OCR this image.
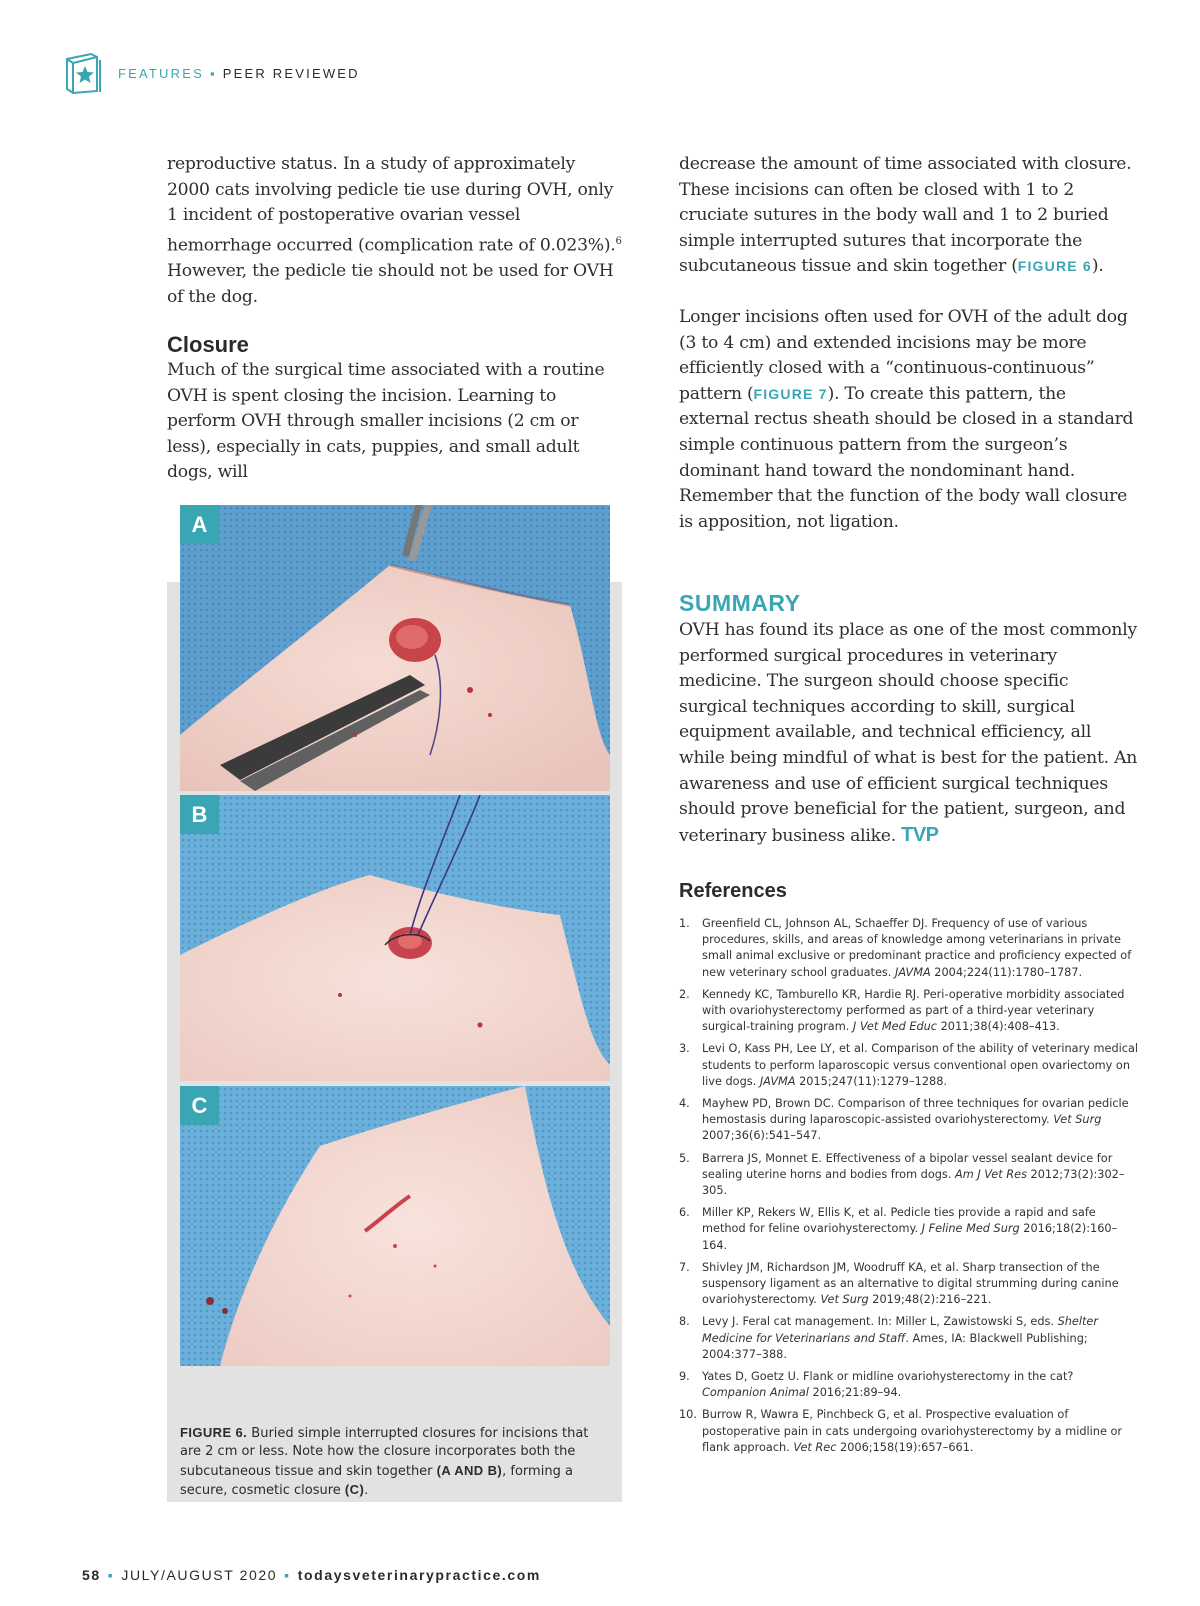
FEATURES ▪ PEER REVIEWED

reproductive status. In a study of approximately 2000 cats involving pedicle tie use during OVH, only 1 incident of postoperative ovarian vessel hemorrhage occurred (complication rate of 0.023%).$^6$ However, the pedicle tie should not be used for OVH of the dog.

Closure

Much of the surgical time associated with a routine OVH is spent closing the incision. Learning to perform OVH through smaller incisions (2 cm or less), especially in cats, puppies, and small adult dogs, will

decrease the amount of time associated with closure. These incisions can often be closed with 1 to 2 cruciate sutures in the body wall and 1 to 2 buried simple interrupted sutures that incorporate the subcutaneous tissue and skin together (FIGURE 6).

Longer incisions often used for OVH of the adult dog (3 to 4 cm) and extended incisions may be more efficiently closed with a “continuous-continuous” pattern (FIGURE 7). To create this pattern, the external rectus sheath should be closed in a standard simple continuous pattern from the surgeon’s dominant hand toward the nondominant hand. Remember that the function of the body wall closure is apposition, not ligation.

SUMMARY

OVH has found its place as one of the most commonly performed surgical procedures in veterinary medicine. The surgeon should choose specific surgical techniques according to skill, surgical equipment available, and technical efficiency, all while being mindful of what is best for the patient. An awareness and use of efficient surgical techniques should prove beneficial for the patient, surgeon, and veterinary business alike. TVP

References
1.	Greenfield CL, Johnson AL, Schaeffer DJ. Frequency of use of various procedures, skills, and areas of knowledge among veterinarians in private small animal exclusive or predominant practice and proficiency expected of new veterinary school graduates. JAVMA 2004;224(11):1780–1787.
2.	Kennedy KC, Tamburello KR, Hardie RJ. Peri-operative morbidity associated with ovariohysterectomy performed as part of a third-year veterinary surgical-training program. J Vet Med Educ 2011;38(4):408–413.
3.	Levi O, Kass PH, Lee LY, et al. Comparison of the ability of veterinary medical students to perform laparoscopic versus conventional open ovariectomy on live dogs. JAVMA 2015;247(11):1279–1288.
4.	Mayhew PD, Brown DC. Comparison of three techniques for ovarian pedicle hemostasis during laparoscopic-assisted ovariohysterectomy. Vet Surg 2007;36(6):541–547.
5.	Barrera JS, Monnet E. Effectiveness of a bipolar vessel sealant device for sealing uterine horns and bodies from dogs. Am J Vet Res 2012;73(2):302–305.
6.	Miller KP, Rekers W, Ellis K, et al. Pedicle ties provide a rapid and safe method for feline ovariohysterectomy. J Feline Med Surg 2016;18(2):160–164.
7.	Shivley JM, Richardson JM, Woodruff KA, et al. Sharp transection of the suspensory ligament as an alternative to digital strumming during canine ovariohysterectomy. Vet Surg 2019;48(2):216–221.
8.	Levy J. Feral cat management. In: Miller L, Zawistowski S, eds. Shelter Medicine for Veterinarians and Staff. Ames, IA: Blackwell Publishing; 2004:377–388.
9.	Yates D, Goetz U. Flank or midline ovariohysterectomy in the cat? Companion Animal 2016;21:89–94.
10. Burrow R, Wawra E, Pinchbeck G, et al. Prospective evaluation of postoperative pain in cats undergoing ovariohysterectomy by a midline or flank approach. Vet Rec 2006;158(19):657–661.
A
B
C
FIGURE 6. Buried simple interrupted closures for incisions that are 2 cm or less. Note how the closure incorporates both the subcutaneous tissue and skin together (A AND B), forming a secure, cosmetic closure (C).
58 ▪ JULY/AUGUST 2020 ▪ todaysveterinarypractice.com
